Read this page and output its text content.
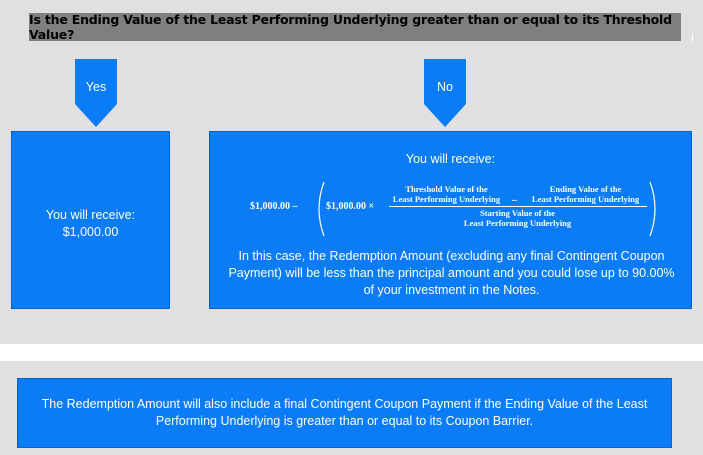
Is the Ending Value of the Least Performing Underlying greater than or equal to its Threshold Value?
Yes	No
You will receive:
$1,000.00
You will receive:
$1,000.00 –	$1,000.00 ×
Threshold Value of the
Least Performing Underlying	–
Ending Value of the
Least Performing Underlying
Starting Value of the
Least Performing Underlying
In this case, the Redemption Amount (excluding any final Contingent Coupon Payment) will be less than the principal amount and you could lose up to 90.00% of your investment in the Notes.
The Redemption Amount will also include a final Contingent Coupon Payment if the Ending Value of the Least Performing Underlying is greater than or equal to its Coupon Barrier.
